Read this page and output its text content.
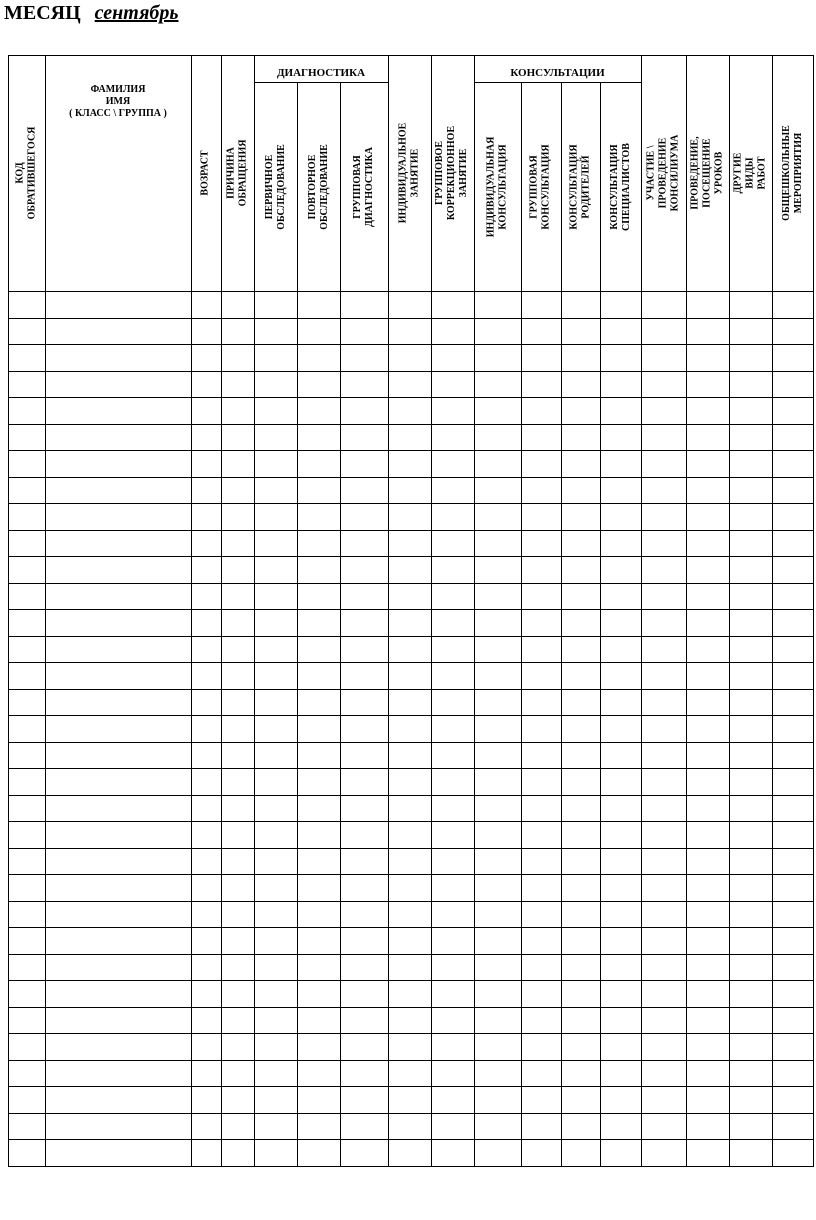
МЕСЯЦ сентябрь
КОД ОБРАТИВШЕГОСЯ
ФАМИЛИЯ
ИМЯ
( КЛАСС \ ГРУППА )
ВОЗРАСТ ПРИЧИНА ОБРАЩЕНИЯ
ДИАГНОСТИКА
ПЕРВИЧНОЕ
ОБСЛЕДОВАНИЕ ПОВТОРНОЕ
ОБСЛЕДОВАНИЕ ГРУППОВАЯ
ДИАГНОСТИКА ИНДИВИДУАЛЬНОЕ ЗАНЯТИЕ ГРУППОВОЕ КОРРЕКЦИОННОЕ
ЗАНЯТИЕ
КОНСУЛЬТАЦИИ
ИНДИВИДУАЛЬНАЯ
КОНСУЛЬТАЦИЯ ГРУППОВАЯ
КОНСУЛЬТАЦИЯ КОНСУЛЬТАЦИЯ
РОДИТЕЛЕЙ КОНСУЛЬТАЦИЯ
СПЕЦИАЛИСТОВ УЧАСТИЕ \ ПРОВЕДЕНИЕ
КОНСИЛИУМА ПРОВЕДЕНИЕ, ПОСЕЩЕНИЕ
УРОКОВ ДРУГИЕ ВИДЫ РАБОТ ОБЩЕШКОЛЬНЫЕ
МЕРОПРИЯТИЯ
